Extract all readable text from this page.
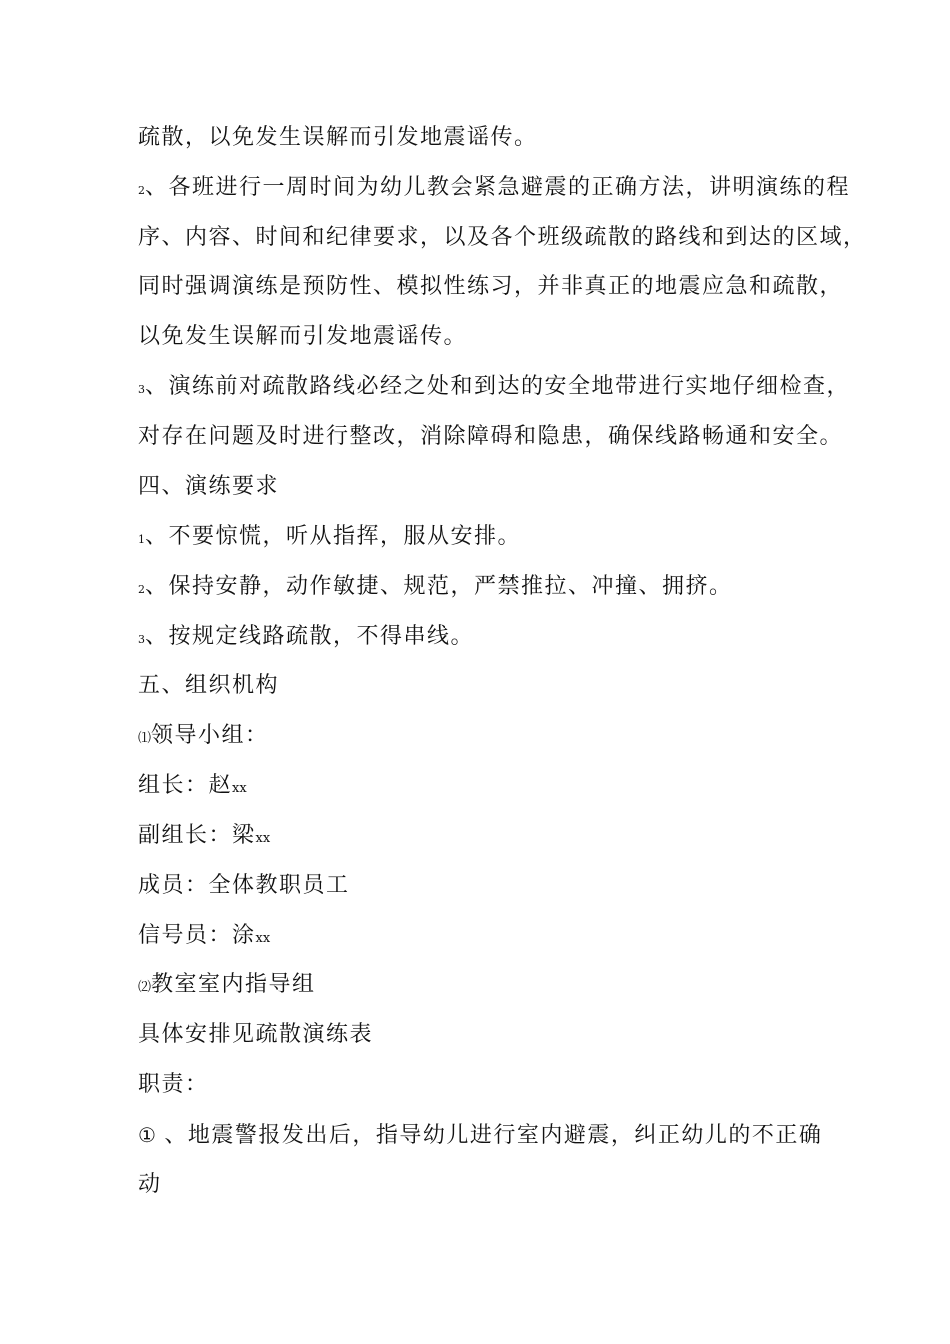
疏散，以免发生误解而引发地震谣传。
2、各班进行一周时间为幼儿教会紧急避震的正确方法，讲明演练的程
序、内容、时间和纪律要求，以及各个班级疏散的路线和到达的区域，
同时强调演练是预防性、模拟性练习，并非真正的地震应急和疏散，
以免发生误解而引发地震谣传。
3、演练前对疏散路线必经之处和到达的安全地带进行实地仔细检查，
对存在问题及时进行整改，消除障碍和隐患，确保线路畅通和安全。
四、演练要求
1、不要惊慌，听从指挥，服从安排。
2、保持安静，动作敏捷、规范，严禁推拉、冲撞、拥挤。
3、按规定线路疏散，不得串线。
五、组织机构
⑴领导小组：
组长：赵xx
副组长：梁xx
成员：全体教职员工
信号员：涂xx
⑵教室室内指导组
具体安排见疏散演练表
职责：
① 、地震警报发出后，指导幼儿进行室内避震，纠正幼儿的不正确
动
